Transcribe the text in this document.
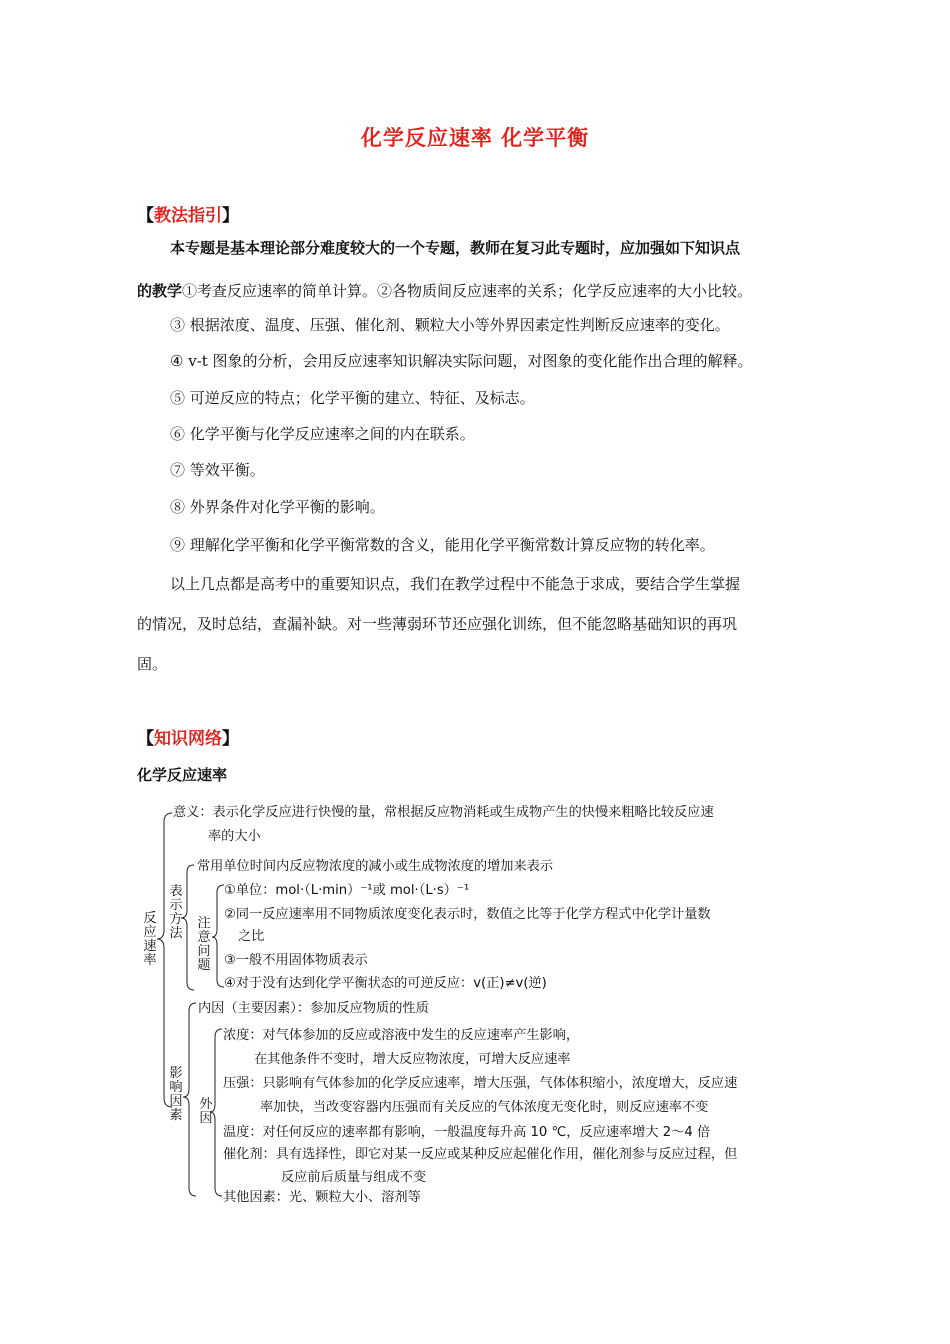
化学反应速率 化学平衡
【教法指引】
本专题是基本理论部分难度较大的一个专题，教师在复习此专题时，应加强如下知识点
的教学①考查反应速率的简单计算。②各物质间反应速率的关系；化学反应速率的大小比较。
③ 根据浓度、温度、压强、催化剂、颗粒大小等外界因素定性判断反应速率的变化。
④ v-t 图象的分析，会用反应速率知识解决实际问题，对图象的变化能作出合理的解释。
⑤ 可逆反应的特点；化学平衡的建立、特征、及标志。
⑥ 化学平衡与化学反应速率之间的内在联系。
⑦ 等效平衡。
⑧ 外界条件对化学平衡的影响。
⑨ 理解化学平衡和化学平衡常数的含义，能用化学平衡常数计算反应物的转化率。
以上几点都是高考中的重要知识点，我们在教学过程中不能急于求成，要结合学生掌握
的情况，及时总结，查漏补缺。对一些薄弱环节还应强化训练，但不能忽略基础知识的再巩
固。
【知识网络】
化学反应速率
反应速率
意义：表示化学反应进行快慢的量，常根据反应物消耗或生成物产生的快慢来粗略比较反应速
率的大小
表示方法
常用单位时间内反应物浓度的减小或生成物浓度的增加来表示
注意问题
①单位：mol·（L·min）⁻¹或 mol·（L·s）⁻¹
②同一反应速率用不同物质浓度变化表示时，数值之比等于化学方程式中化学计量数
之比
③一般不用固体物质表示
④对于没有达到化学平衡状态的可逆反应：v(正)≠v(逆)
影响因素
内因（主要因素）：参加反应物质的性质
外因
浓度：对气体参加的反应或溶液中发生的反应速率产生影响，
在其他条件不变时，增大反应物浓度，可增大反应速率
压强：只影响有气体参加的化学反应速率，增大压强，气体体积缩小，浓度增大，反应速
率加快，当改变容器内压强而有关反应的气体浓度无变化时，则反应速率不变
温度：对任何反应的速率都有影响，一般温度每升高 10 ℃，反应速率增大 2～4 倍
催化剂：具有选择性，即它对某一反应或某种反应起催化作用，催化剂参与反应过程，但
反应前后质量与组成不变
其他因素：光、颗粒大小、溶剂等
